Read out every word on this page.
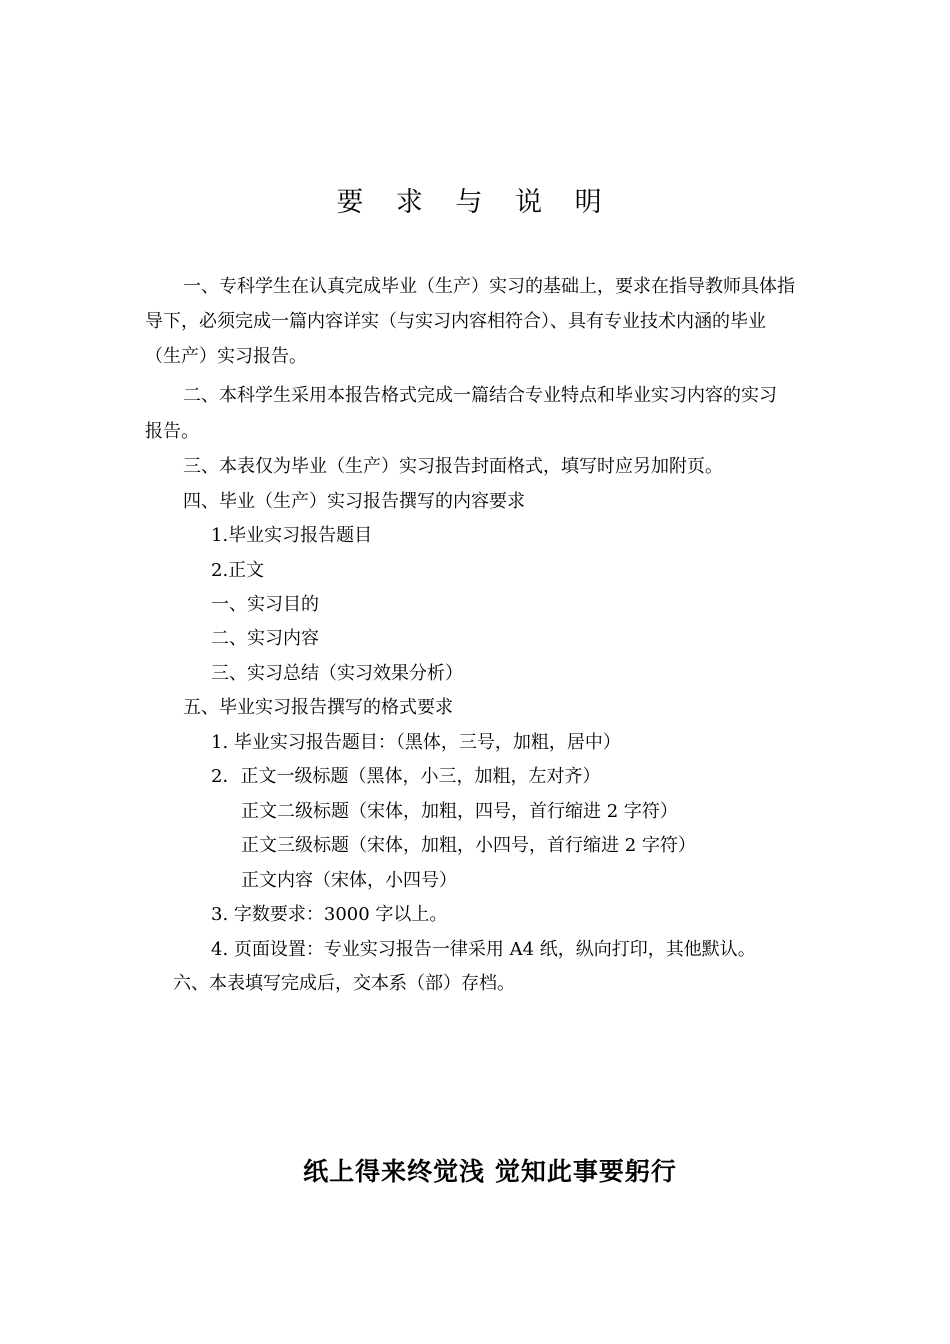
要 求 与 说 明
一、专科学生在认真完成毕业（生产）实习的基础上，要求在指导教师具体指
导下，必须完成一篇内容详实（与实习内容相符合）、具有专业技术内涵的毕业
（生产）实习报告。
二、本科学生采用本报告格式完成一篇结合专业特点和毕业实习内容的实习
报告。
三、本表仅为毕业（生产）实习报告封面格式，填写时应另加附页。
四、毕业（生产）实习报告撰写的内容要求
1.毕业实习报告题目
2.正文
一、实习目的
二、实习内容
三、实习总结（实习效果分析）
五、毕业实习报告撰写的格式要求
1. 毕业实习报告题目：（黑体，三号，加粗，居中）
2．正文一级标题（黑体，小三，加粗，左对齐）
正文二级标题（宋体，加粗，四号，首行缩进 2 字符）
正文三级标题（宋体，加粗，小四号，首行缩进 2 字符）
正文内容（宋体，小四号）
3. 字数要求：3000 字以上。
4. 页面设置：专业实习报告一律采用 A4 纸，纵向打印，其他默认。
六、本表填写完成后，交本系（部）存档。
纸上得来终觉浅 觉知此事要躬行
